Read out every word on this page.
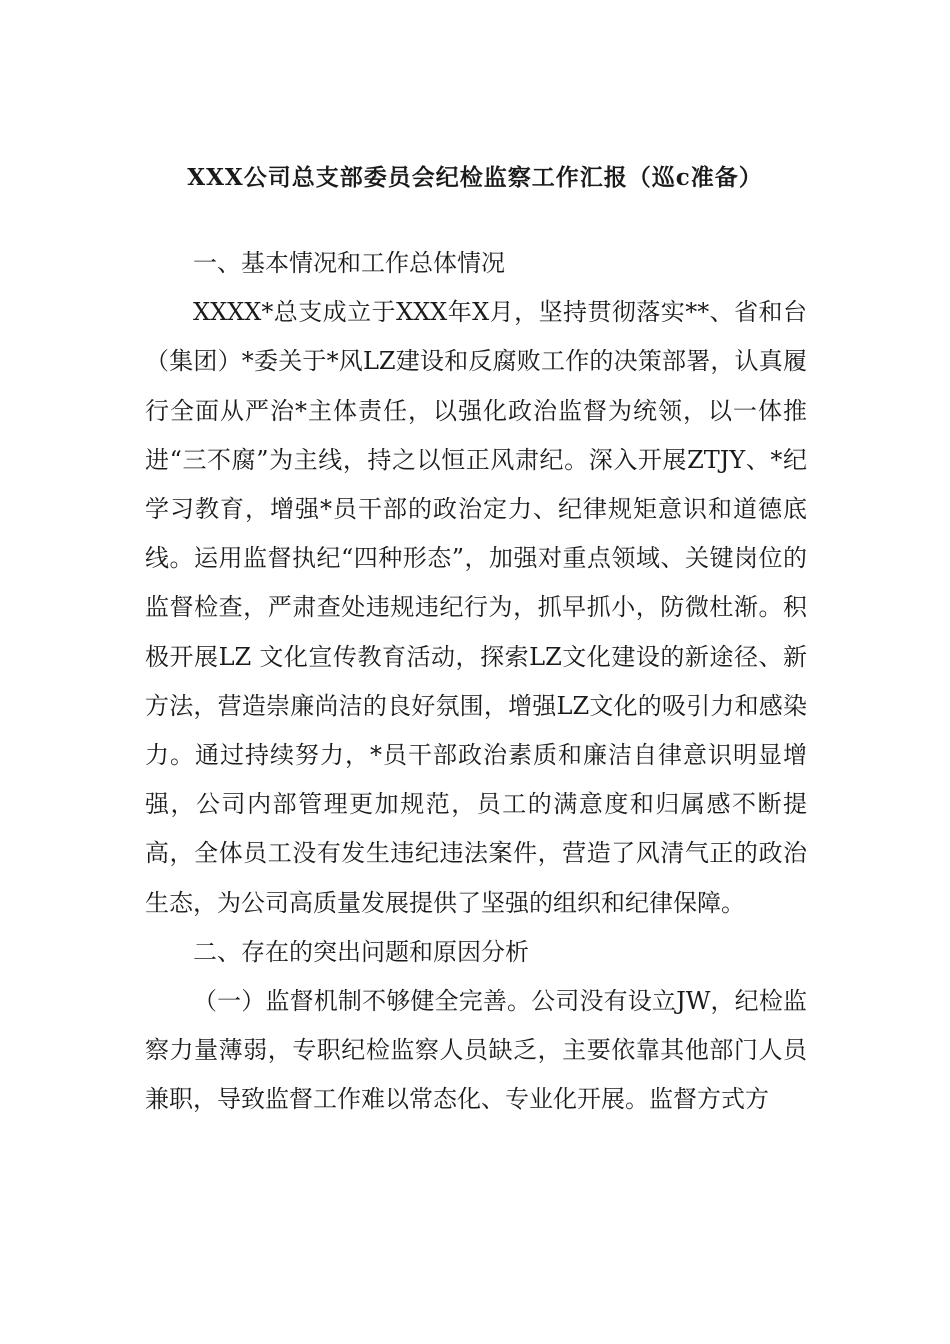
XXX公司总支部委员会纪检监察工作汇报（巡c准备）

一、基本情况和工作总体情况

XXXX*总支成立于XXX年X月，坚持贯彻落实**、省和台（集团）*委关于*风LZ建设和反腐败工作的决策部署，认真履行全面从严治*主体责任，以强化政治监督为统领，以一体推进“三不腐”为主线，持之以恒正风肃纪。深入开展ZTJY、*纪学习教育，增强*员干部的政治定力、纪律规矩意识和道德底线。运用监督执纪“四种形态”，加强对重点领域、关键岗位的监督检查，严肃查处违规违纪行为，抓早抓小，防微杜渐。积极开展LZ 文化宣传教育活动，探索LZ文化建设的新途径、新方法，营造崇廉尚洁的良好氛围，增强LZ文化的吸引力和感染力。通过持续努力，*员干部政治素质和廉洁自律意识明显增强，公司内部管理更加规范，员工的满意度和归属感不断提高，全体员工没有发生违纪违法案件，营造了风清气正的政治生态，为公司高质量发展提供了坚强的组织和纪律保障。

二、存在的突出问题和原因分析

（一）监督机制不够健全完善。公司没有设立JW，纪检监察力量薄弱，专职纪检监察人员缺乏，主要依靠其他部门人员兼职，导致监督工作难以常态化、专业化开展。监督方式方
